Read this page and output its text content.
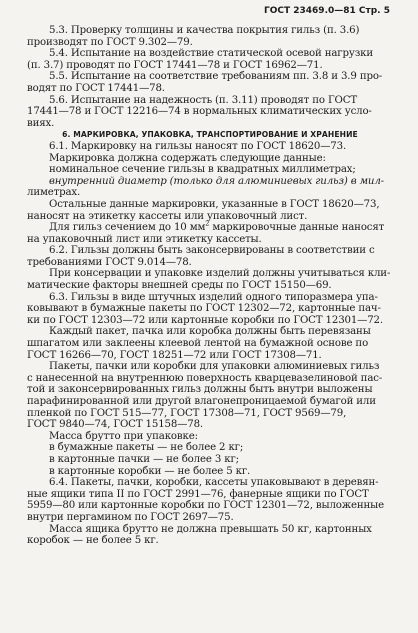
ГОСТ 23469.0—81 Стр. 5

5.3. Проверку толщины и качества покрытия гильз (п. 3.6)

производят по ГОСТ 9.302—79.

5.4. Испытание на воздействие статической осевой нагрузки

(п. 3.7) проводят по ГОСТ 17441—78 и ГОСТ 16962—71.

5.5. Испытание на соответствие требованиям пп. 3.8 и 3.9 про-

водят по ГОСТ 17441—78.

5.6. Испытание на надежность (п. 3.11) проводят по ГОСТ

17441—78 и ГОСТ 12216—74 в нормальных климатических усло-

виях.

6. МАРКИРОВКА, УПАКОВКА, ТРАНСПОРТИРОВАНИЕ И ХРАНЕНИЕ

6.1. Маркировку на гильзы наносят по ГОСТ 18620—73.

Маркировка должна содержать следующие данные:

номинальное сечение гильзы в квадратных миллиметрах;

внутренний диаметр (только для алюминиевых гильз) в мил-

лиметрах.

Остальные данные маркировки, указанные в ГОСТ 18620—73,

наносят на этикетку кассеты или упаковочный лист.

Для гильз сечением до 10 $мм^2$ маркировочные данные наносят

на упаковочный лист или этикетку кассеты.

6.2. Гильзы должны быть законсервированы в соответствии с

требованиями ГОСТ 9.014—78.

При консервации и упаковке изделий должны учитываться кли-

матические факторы внешней среды по ГОСТ 15150—69.

6.3. Гильзы в виде штучных изделий одного типоразмера упа-

ковывают в бумажные пакеты по ГОСТ 12302—72, картонные пач-

ки по ГОСТ 12303—72 или картонные коробки по ГОСТ 12301—72.

Каждый пакет, пачка или коробка должны быть перевязаны

шпагатом или заклеены клеевой лентой на бумажной основе по

ГОСТ 16266—70, ГОСТ 18251—72 или ГОСТ 17308—71.

Пакеты, пачки или коробки для упаковки алюминиевых гильз

с нанесенной на внутреннюю поверхность кварцевазелиновой пас-

той и законсервированных гильз должны быть внутри выложены

парафинированной или другой влагонепроницаемой бумагой или

пленкой по ГОСТ 515—77, ГОСТ 17308—71, ГОСТ 9569—79,

ГОСТ 9840—74, ГОСТ 15158—78.

Масса брутто при упаковке:

в бумажные пакеты — не более 2 кг;

в картонные пачки — не более 3 кг;

в картонные коробки — не более 5 кг.

6.4. Пакеты, пачки, коробки, кассеты упаковывают в деревян-

ные ящики типа II по ГОСТ 2991—76, фанерные ящики по ГОСТ

5959—80 или картонные коробки по ГОСТ 12301—72, выложенные

внутри пергамином по ГОСТ 2697—75.

Масса ящика брутто не должна превышать 50 кг, картонных

коробок — не более 5 кг.
